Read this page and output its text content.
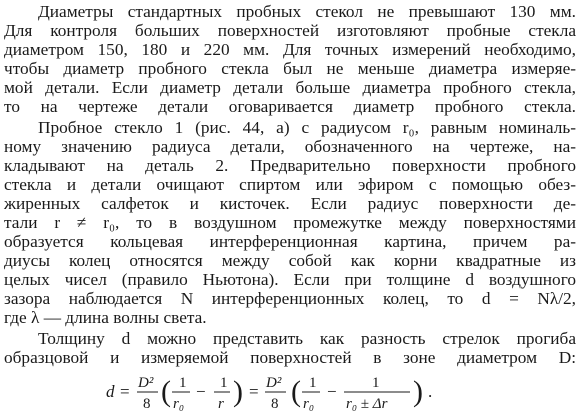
Диаметры стандартных пробных стекол не превышают 130 мм.
Для контроля больших поверхностей изготовляют пробные стекла
диаметром 150, 180 и 220 мм. Для точных измерений необходимо,
чтобы диаметр пробного стекла был не меньше диаметра измеряе-
мой детали. Если диаметр детали больше диаметра пробного стекла,
то на чертеже детали оговаривается диаметр пробного стекла.
Пробное стекло 1 (рис. 44, а) с радиусом r₀, равным номиналь-
ному значению радиуса детали, обозначенного на чертеже, на-
кладывают на деталь 2. Предварительно поверхности пробного
стекла и детали очищают спиртом или эфиром с помощью обез-
жиренных салфеток и кисточек. Если радиус поверхности де-
тали r ≠ r₀, то в воздушном промежутке между поверхностями
образуется кольцевая интерференционная картина, причем ра-
диусы колец относятся между собой как корни квадратные из
целых чисел (правило Ньютона). Если при толщине d воздушного
зазора наблюдается N интерференционных колец, то d = Nλ/2,
где λ — длина волны света.
Толщину d можно представить как разность стрелок прогиба
образцовой и измеряемой поверхностей в зоне диаметром D:
d = D²
8 ( 1
r₀
− 1
r ) = D²
8 ( 1
r₀
− 1
r₀ ± Δr ) .
